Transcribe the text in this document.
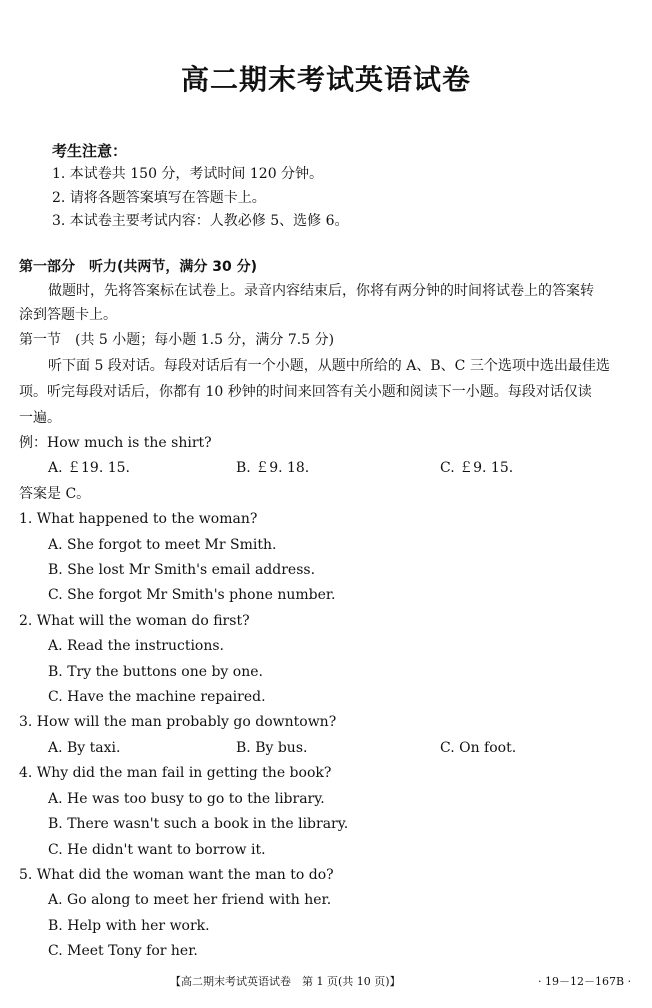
高二期末考试英语试卷
考生注意：
1. 本试卷共 150 分，考试时间 120 分钟。
2. 请将各题答案填写在答题卡上。
3. 本试卷主要考试内容：人教必修 5、选修 6。
第一部分　听力(共两节，满分 30 分)
做题时，先将答案标在试卷上。录音内容结束后，你将有两分钟的时间将试卷上的答案转
涂到答题卡上。
第一节　(共 5 小题；每小题 1.5 分，满分 7.5 分)
听下面 5 段对话。每段对话后有一个小题，从题中所给的 A、B、C 三个选项中选出最佳选
项。听完每段对话后，你都有 10 秒钟的时间来回答有关小题和阅读下一小题。每段对话仅读
一遍。
例：How much is the shirt?
A. ￡19. 15.	B. ￡9. 18.	C. ￡9. 15.
答案是 C。
1. What happened to the woman?
A. She forgot to meet Mr Smith.
B. She lost Mr Smith's email address.
C. She forgot Mr Smith's phone number.
2. What will the woman do first?
A. Read the instructions.
B. Try the buttons one by one.
C. Have the machine repaired.
3. How will the man probably go downtown?
A. By taxi.	B. By bus.	C. On foot.
4. Why did the man fail in getting the book?
A. He was too busy to go to the library.
B. There wasn't such a book in the library.
C. He didn't want to borrow it.
5. What did the woman want the man to do?
A. Go along to meet her friend with her.
B. Help with her work.
C. Meet Tony for her.
【高二期末考试英语试卷　第 1 页(共 10 页)】	· 19－12－167B ·
